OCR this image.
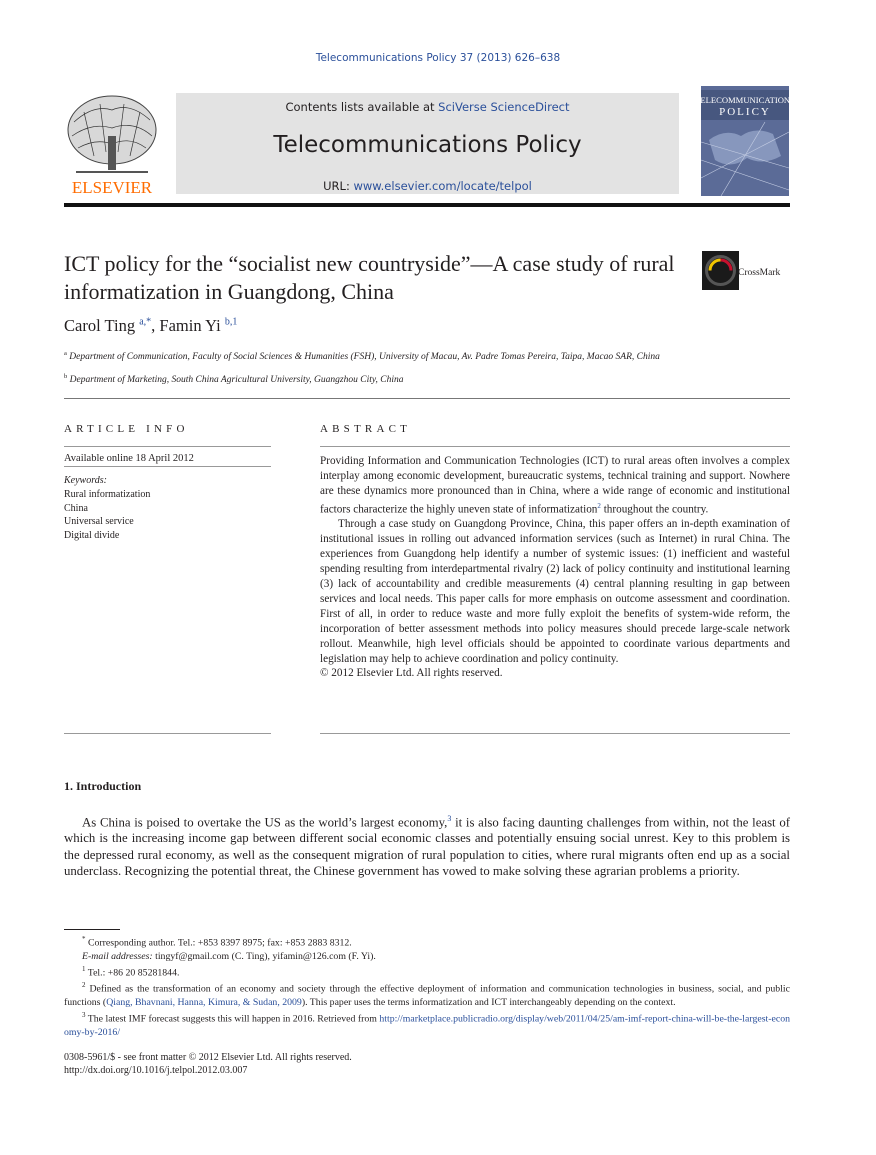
Telecommunications Policy 37 (2013) 626–638
ELSEVIER
Contents lists available at SciVerse ScienceDirect
Telecommunications Policy
URL: www.elsevier.com/locate/telpol
TELECOMMUNICATIONS
POLICY
ICT policy for the “socialist new countryside”—A case study of rural informatization in Guangdong, China
CrossMark
Carol Ting $^{a,*}$, Famin Yi $^{b,1}$
$^a$ Department of Communication, Faculty of Social Sciences & Humanities (FSH), University of Macau, Av. Padre Tomas Pereira, Taipa, Macao SAR, China
$^b$ Department of Marketing, South China Agricultural University, Guangzhou City, China
ARTICLE INFO
Available online 18 April 2012
Keywords:
Rural informatization
China
Universal service
Digital divide
ABSTRACT

Providing Information and Communication Technologies (ICT) to rural areas often involves a complex interplay among economic development, bureaucratic systems, technical training and support. Nowhere are these dynamics more pronounced than in China, where a wide range of economic and institutional factors characterize the highly uneven state of informatization$^2$ throughout the country.

Through a case study on Guangdong Province, China, this paper offers an in-depth examination of institutional issues in rolling out advanced information services (such as Internet) in rural China. The experiences from Guangdong help identify a number of systemic issues: (1) inefficient and wasteful spending resulting from interdepartmental rivalry (2) lack of policy continuity and institutional learning (3) lack of accountability and credible measurements (4) central planning resulting in gap between services and local needs. This paper calls for more emphasis on outcome assessment and coordination. First of all, in order to reduce waste and more fully exploit the benefits of system-wide reform, the incorporation of better assessment methods into policy measures should precede large-scale network rollout. Meanwhile, high level officials should be appointed to coordinate various departments and legislation may help to achieve coordination and policy continuity.

© 2012 Elsevier Ltd. All rights reserved.

1. Introduction

As China is poised to overtake the US as the world’s largest economy,$^3$ it is also facing daunting challenges from within, not the least of which is the increasing income gap between different social economic classes and potentially ensuing social unrest. Key to this problem is the depressed rural economy, as well as the consequent migration of rural population to cities, where rural migrants often end up as a social underclass. Recognizing the potential threat, the Chinese government has vowed to make solving these agrarian problems a priority.

* Corresponding author. Tel.: +853 8397 8975; fax: +853 2883 8312.

E-mail addresses: tingyf@gmail.com (C. Ting), yifamin@126.com (F. Yi).

$^1$ Tel.: +86 20 85281844.

$^2$ Defined as the transformation of an economy and society through the effective deployment of information and communication technologies in business, social, and public functions (Qiang, Bhavnani, Hanna, Kimura, & Sudan, 2009). This paper uses the terms informatization and ICT interchangeably depending on the context.

$^3$ The latest IMF forecast suggests this will happen in 2016. Retrieved from http://marketplace.publicradio.org/display/web/2011/04/25/am-imf-report-china-will-be-the-largest-economy-by-2016/

0308-5961/$ - see front matter © 2012 Elsevier Ltd. All rights reserved.
http://dx.doi.org/10.1016/j.telpol.2012.03.007
